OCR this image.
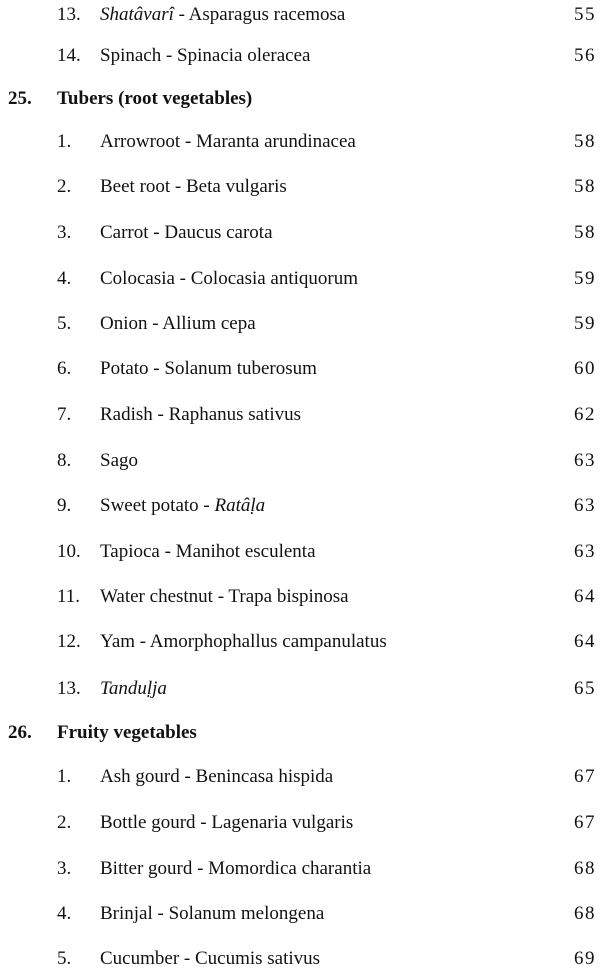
13. Shatâvarî - Asparagus racemosa	55
14. Spinach - Spinacia oleracea	56
25. Tubers (root vegetables)
1. Arrowroot - Maranta arundinacea	58
2. Beet root - Beta vulgaris	58
3. Carrot - Daucus carota	58
4. Colocasia - Colocasia antiquorum	59
5. Onion - Allium cepa	59
6. Potato - Solanum tuberosum	60
7. Radish - Raphanus sativus	62
8. Sago	63
9. Sweet potato - Ratâḷa	63
10. Tapioca - Manihot esculenta	63
11. Water chestnut - Trapa bispinosa	64
12. Yam - Amorphophallus campanulatus	64
13. Tanduḷja	65
26. Fruity vegetables
1. Ash gourd - Benincasa hispida	67
2. Bottle gourd - Lagenaria vulgaris	67
3. Bitter gourd - Momordica charantia	68
4. Brinjal - Solanum melongena	68
5. Cucumber - Cucumis sativus	69
